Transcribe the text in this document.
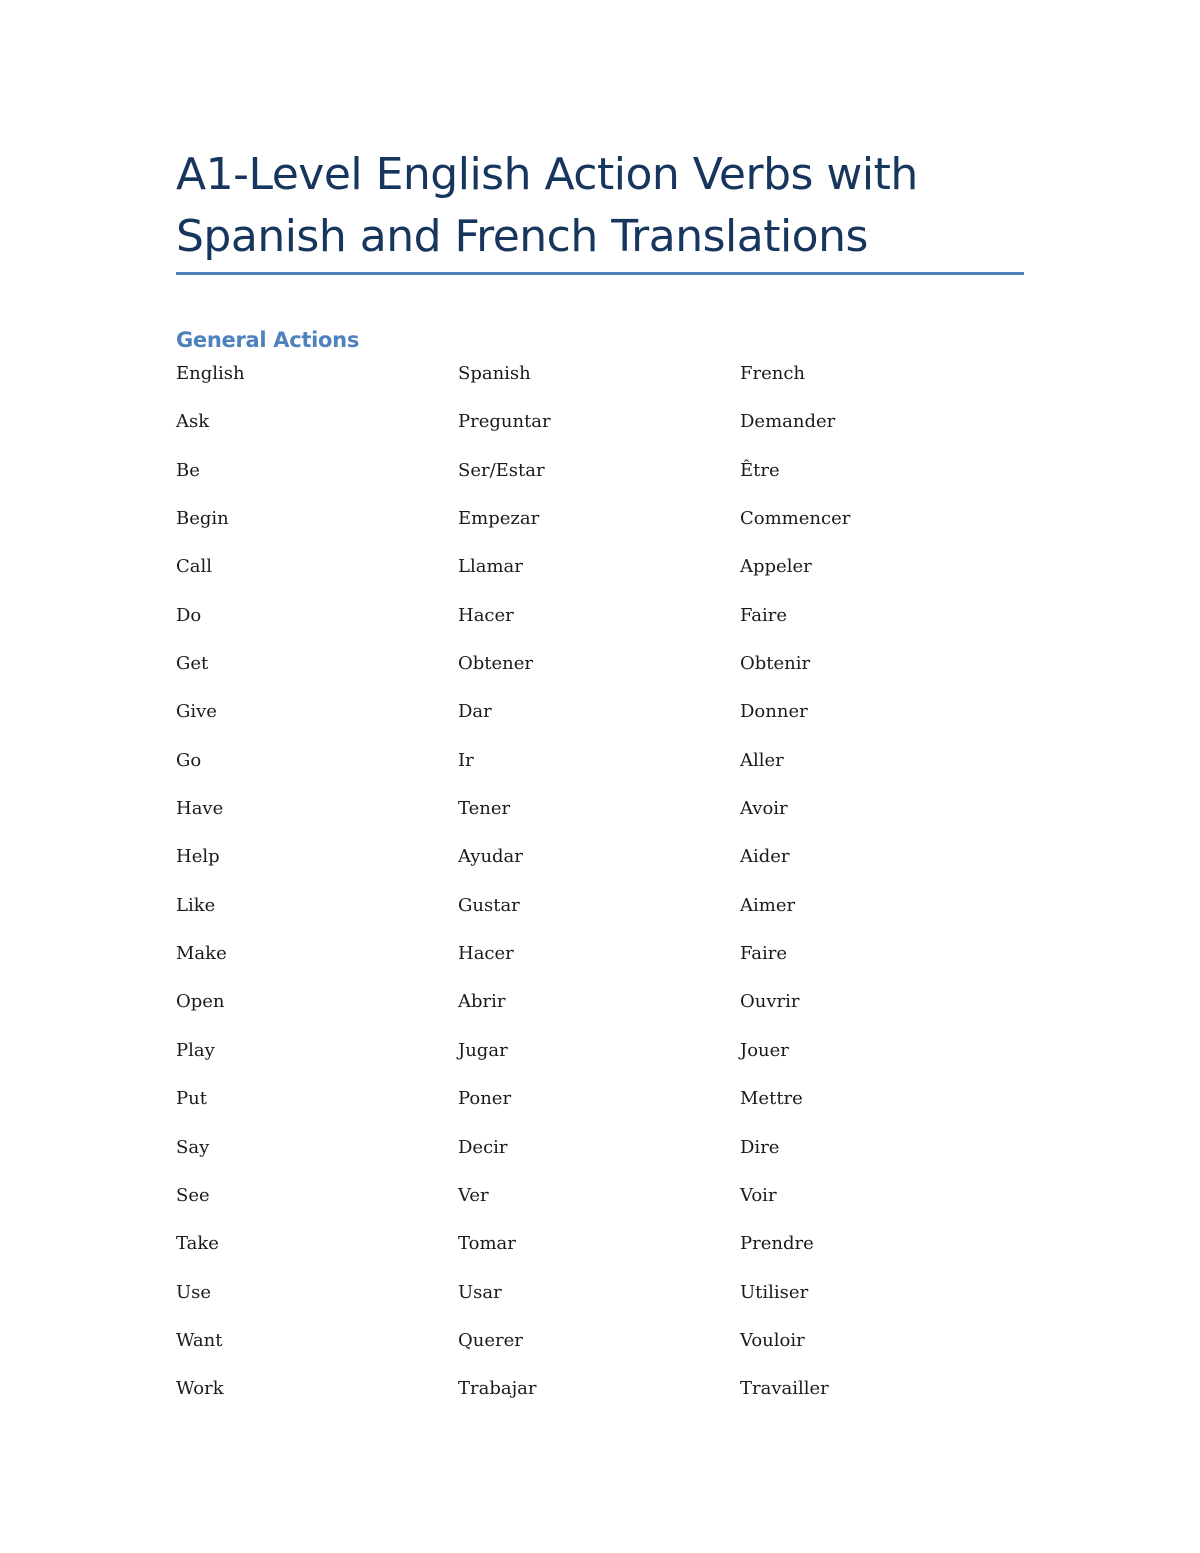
A1-Level English Action Verbs with Spanish and French Translations
General Actions
English	Spanish	French
Ask	Preguntar	Demander
Be	Ser/Estar	Être
Begin	Empezar	Commencer
Call	Llamar	Appeler
Do	Hacer	Faire
Get	Obtener	Obtenir
Give	Dar	Donner
Go	Ir	Aller
Have	Tener	Avoir
Help	Ayudar	Aider
Like	Gustar	Aimer
Make	Hacer	Faire
Open	Abrir	Ouvrir
Play	Jugar	Jouer
Put	Poner	Mettre
Say	Decir	Dire
See	Ver	Voir
Take	Tomar	Prendre
Use	Usar	Utiliser
Want	Querer	Vouloir
Work	Trabajar	Travailler
